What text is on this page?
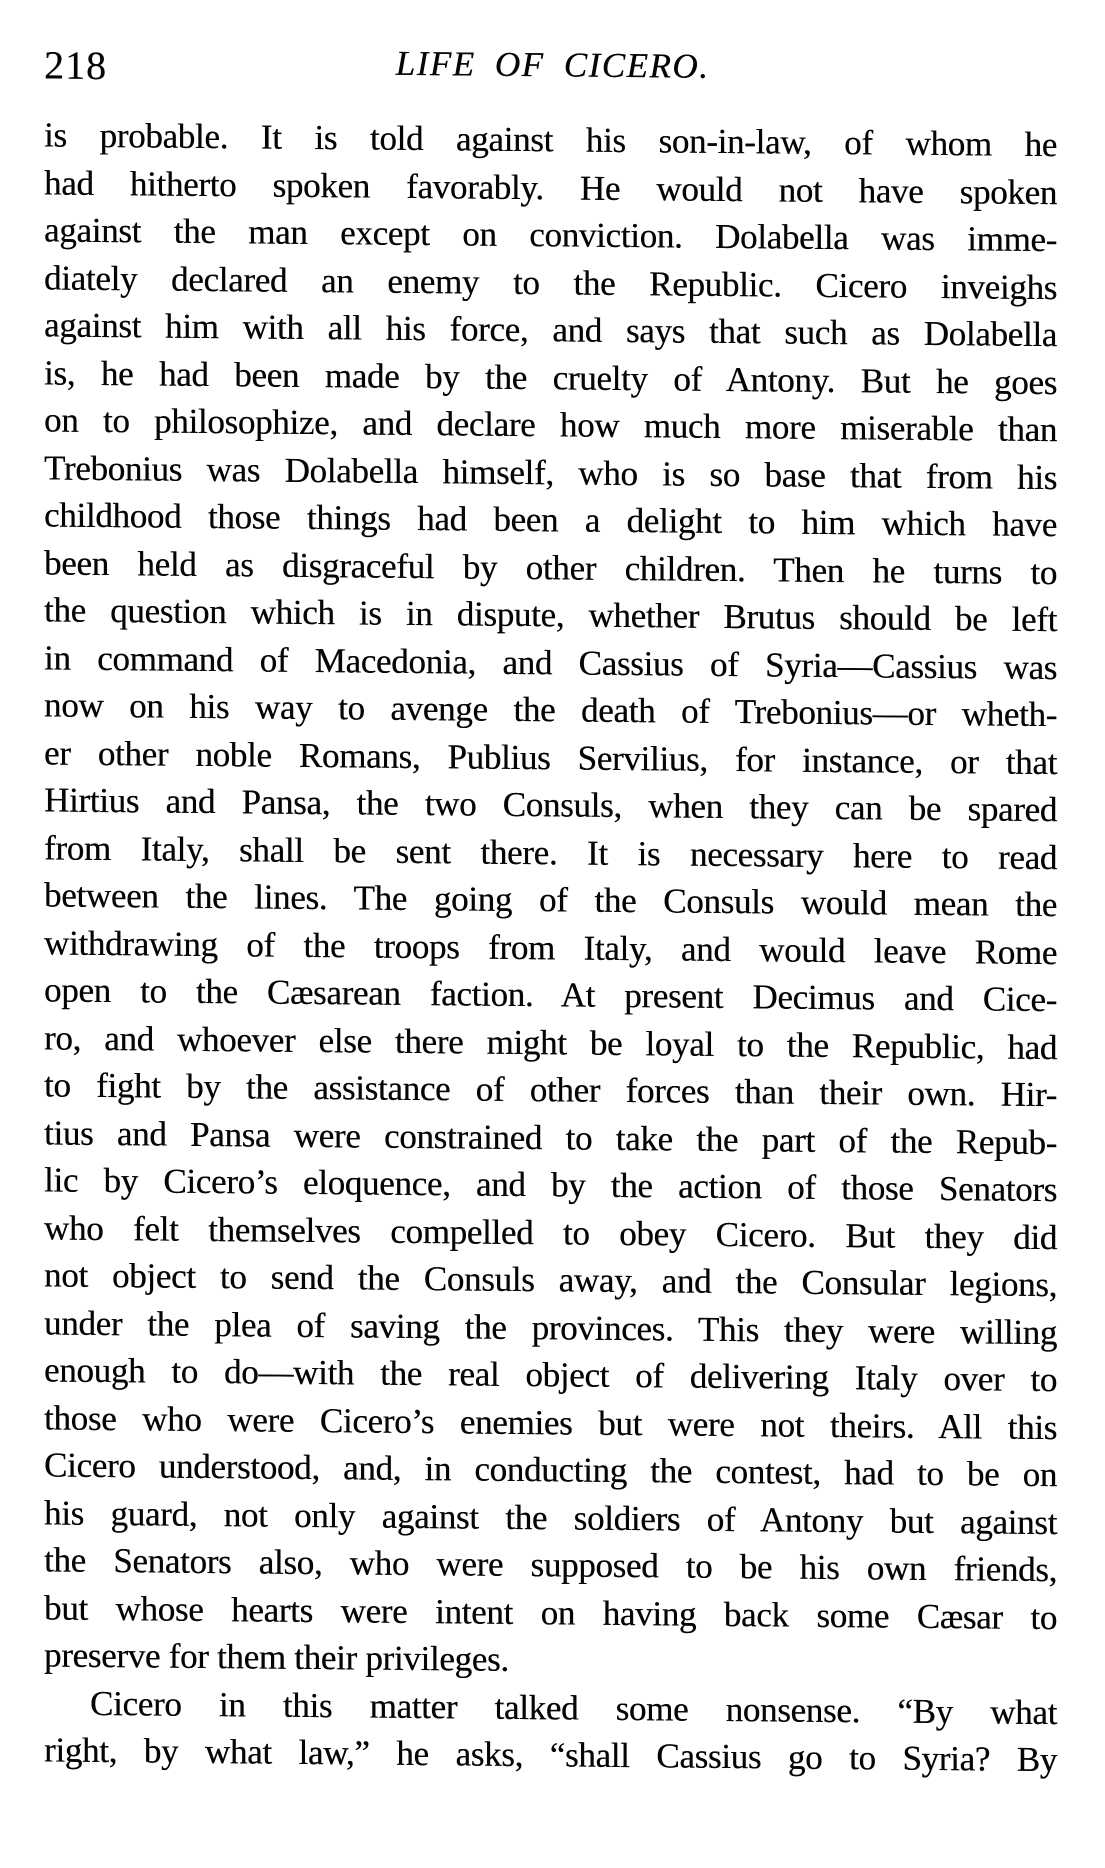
218	LIFE OF CICERO.
is probable. It is told against his son-in-law, of whom he
had hitherto spoken favorably. He would not have spoken
against the man except on conviction. Dolabella was imme-
diately declared an enemy to the Republic. Cicero inveighs
against him with all his force, and says that such as Dolabella
is, he had been made by the cruelty of Antony. But he goes
on to philosophize, and declare how much more miserable than
Trebonius was Dolabella himself, who is so base that from his
childhood those things had been a delight to him which have
been held as disgraceful by other children. Then he turns to
the question which is in dispute, whether Brutus should be left
in command of Macedonia, and Cassius of Syria—Cassius was
now on his way to avenge the death of Trebonius—or wheth-
er other noble Romans, Publius Servilius, for instance, or that
Hirtius and Pansa, the two Consuls, when they can be spared
from Italy, shall be sent there. It is necessary here to read
between the lines. The going of the Consuls would mean the
withdrawing of the troops from Italy, and would leave Rome
open to the Cæsarean faction. At present Decimus and Cice-
ro, and whoever else there might be loyal to the Republic, had
to fight by the assistance of other forces than their own. Hir-
tius and Pansa were constrained to take the part of the Repub-
lic by Cicero’s eloquence, and by the action of those Senators
who felt themselves compelled to obey Cicero. But they did
not object to send the Consuls away, and the Consular legions,
under the plea of saving the provinces. This they were willing
enough to do—with the real object of delivering Italy over to
those who were Cicero’s enemies but were not theirs. All this
Cicero understood, and, in conducting the contest, had to be on
his guard, not only against the soldiers of Antony but against
the Senators also, who were supposed to be his own friends,
but whose hearts were intent on having back some Cæsar to
preserve for them their privileges.
Cicero in this matter talked some nonsense. “By what
right, by what law,” he asks, “shall Cassius go to Syria? By
